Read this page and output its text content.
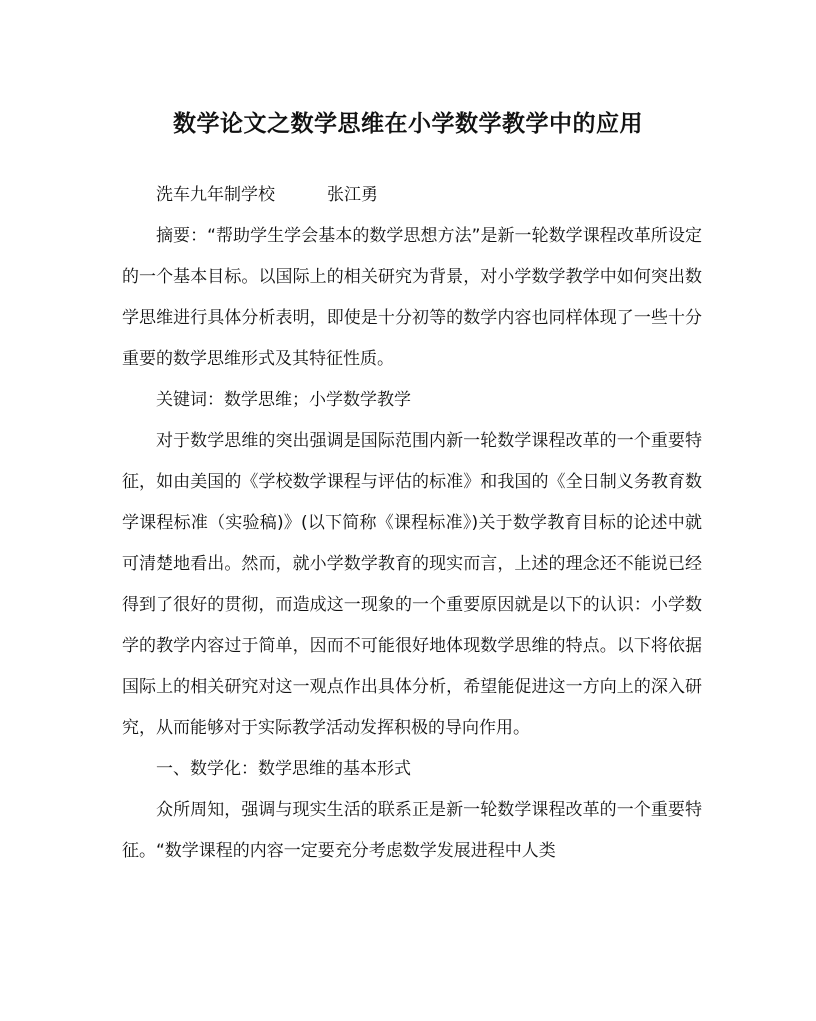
数学论文之数学思维在小学数学教学中的应用

洗车九年制学校	张江勇

摘要：“帮助学生学会基本的数学思想方法”是新一轮数学课程改革所设定的一个基本目标。以国际上的相关研究为背景，对小学数学教学中如何突出数学思维进行具体分析表明，即使是十分初等的数学内容也同样体现了一些十分重要的数学思维形式及其特征性质。

关键词：数学思维；小学数学教学

对于数学思维的突出强调是国际范围内新一轮数学课程改革的一个重要特征，如由美国的《学校数学课程与评估的标准》和我国的《全日制义务教育数学课程标准（实验稿)》(以下简称《课程标准》)关于数学教育目标的论述中就可清楚地看出。然而，就小学数学教育的现实而言，上述的理念还不能说已经得到了很好的贯彻，而造成这一现象的一个重要原因就是以下的认识：小学数学的教学内容过于简单，因而不可能很好地体现数学思维的特点。以下将依据国际上的相关研究对这一观点作出具体分析，希望能促进这一方向上的深入研究，从而能够对于实际教学活动发挥积极的导向作用。

一、数学化：数学思维的基本形式

众所周知，强调与现实生活的联系正是新一轮数学课程改革的一个重要特征。“数学课程的内容一定要充分考虑数学发展进程中人类
